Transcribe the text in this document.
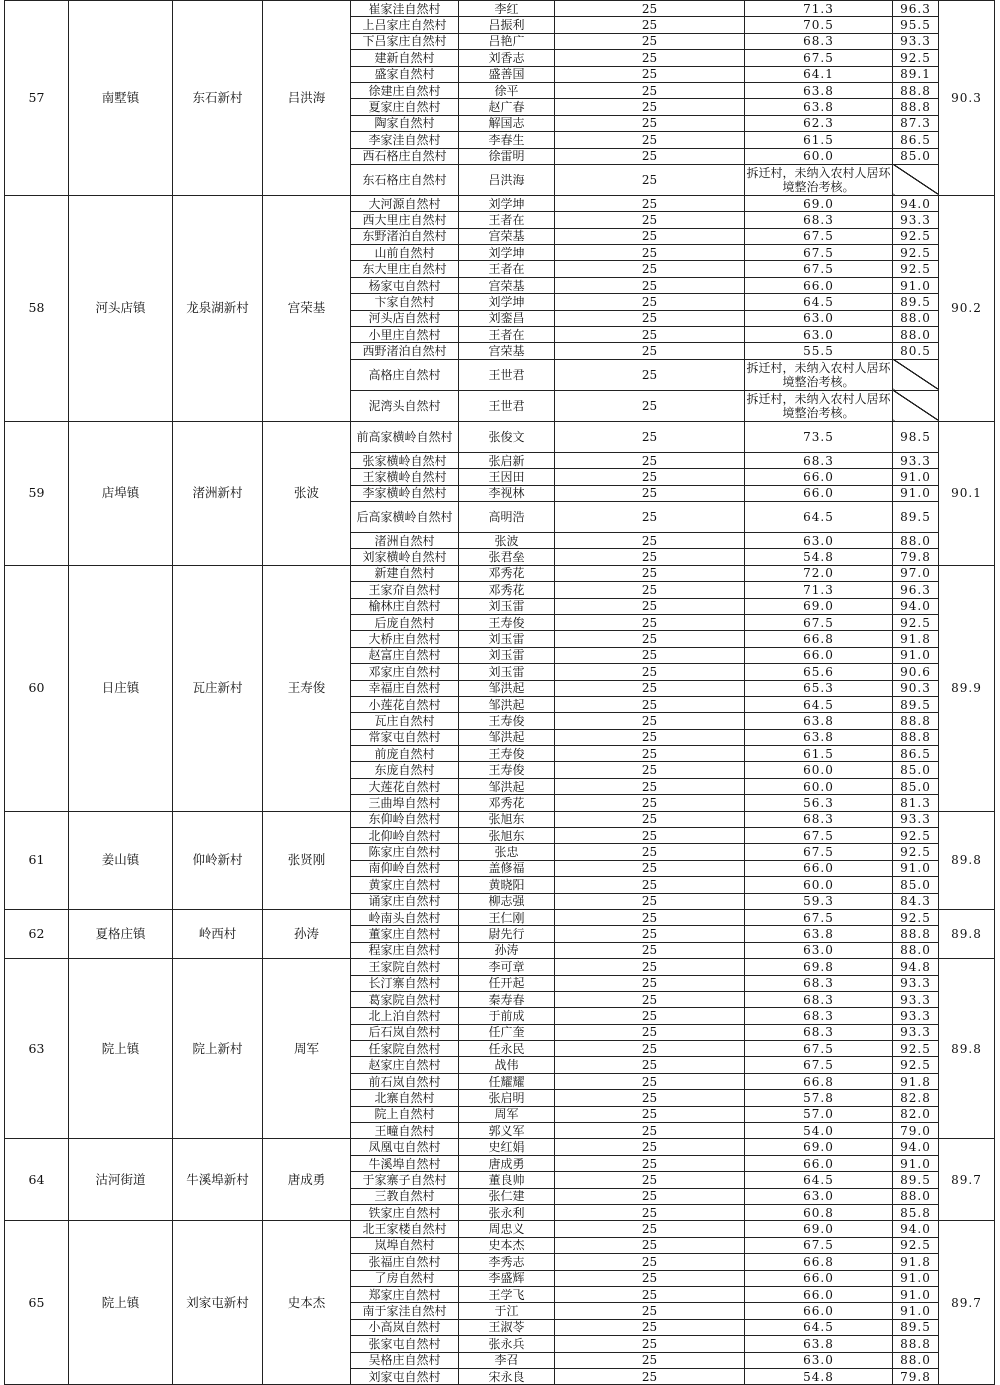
57	南墅镇	东石新村	吕洪海	崔家洼自然村	李红	25	71.3	96.3	90.3
				上吕家庄自然村	吕振利	25	70.5	95.5	
				下吕家庄自然村	吕艳广	25	68.3	93.3	
				建新自然村	刘香志	25	67.5	92.5	
				盛家自然村	盛善国	25	64.1	89.1	
				徐建庄自然村	徐平	25	63.8	88.8	
				夏家庄自然村	赵广春	25	63.8	88.8	
				陶家自然村	解国志	25	62.3	87.3	
				李家洼自然村	李春生	25	61.5	86.5	
				西石格庄自然村	徐雷明	25	60.0	85.0	
				东石格庄自然村	吕洪海	25	拆迁村，未纳入农村人居环境整治考核。		
58	河头店镇	龙泉湖新村	宫荣基	大河源自然村	刘学坤	25	69.0	94.0	90.2
				西大里庄自然村	王者在	25	68.3	93.3	
				东野渚泊自然村	宫荣基	25	67.5	92.5	
				山前自然村	刘学坤	25	67.5	92.5	
				东大里庄自然村	王者在	25	67.5	92.5	
				杨家屯自然村	宫荣基	25	66.0	91.0	
				卞家自然村	刘学坤	25	64.5	89.5	
				河头店自然村	刘銮昌	25	63.0	88.0	
				小里庄自然村	王者在	25	63.0	88.0	
				西野渚泊自然村	宫荣基	25	55.5	80.5	
				高格庄自然村	王世君	25	拆迁村，未纳入农村人居环境整治考核。		
				泥湾头自然村	王世君	25	拆迁村，未纳入农村人居环境整治考核。		
59	店埠镇	渚洲新村	张波	前高家横岭自然村	张俊文	25	73.5	98.5	90.1
				张家横岭自然村	张启新	25	68.3	93.3	
				王家横岭自然村	王因田	25	66.0	91.0	
				李家横岭自然村	李视林	25	66.0	91.0	
				后高家横岭自然村	高明浩	25	64.5	89.5	
				渚洲自然村	张波	25	63.0	88.0	
				刘家横岭自然村	张君垒	25	54.8	79.8	
60	日庄镇	瓦庄新村	王寿俊	新建自然村	邓秀花	25	72.0	97.0	89.9
				王家夼自然村	邓秀花	25	71.3	96.3	
				榆林庄自然村	刘玉雷	25	69.0	94.0	
				后庞自然村	王寿俊	25	67.5	92.5	
				大桥庄自然村	刘玉雷	25	66.8	91.8	
				赵富庄自然村	刘玉雷	25	66.0	91.0	
				邓家庄自然村	刘玉雷	25	65.6	90.6	
				幸福庄自然村	邹洪起	25	65.3	90.3	
				小莲花自然村	邹洪起	25	64.5	89.5	
				瓦庄自然村	王寿俊	25	63.8	88.8	
				常家屯自然村	邹洪起	25	63.8	88.8	
				前庞自然村	王寿俊	25	61.5	86.5	
				东庞自然村	王寿俊	25	60.0	85.0	
				大莲花自然村	邹洪起	25	60.0	85.0	
				三曲埠自然村	邓秀花	25	56.3	81.3	
61	姜山镇	仰岭新村	张贤刚	东仰岭自然村	张旭东	25	68.3	93.3	89.8
				北仰岭自然村	张旭东	25	67.5	92.5	
				陈家庄自然村	张忠	25	67.5	92.5	
				南仰岭自然村	盖修福	25	66.0	91.0	
				黄家庄自然村	黄晓阳	25	60.0	85.0	
				诵家庄自然村	柳志强	25	59.3	84.3	
62	夏格庄镇	岭西村	孙涛	岭南头自然村	王仁刚	25	67.5	92.5	89.8
				董家庄自然村	尉先行	25	63.8	88.8	
				程家庄自然村	孙涛	25	63.0	88.0	
63	院上镇	院上新村	周军	王家院自然村	李可章	25	69.8	94.8	89.8
				长汀寨自然村	任开起	25	68.3	93.3	
				葛家院自然村	秦寿春	25	68.3	93.3	
				北上泊自然村	于前成	25	68.3	93.3	
				后石岚自然村	任广奎	25	68.3	93.3	
				任家院自然村	任永民	25	67.5	92.5	
				赵家庄自然村	战伟	25	67.5	92.5	
				前石岚自然村	任耀耀	25	66.8	91.8	
				北寨自然村	张启明	25	57.8	82.8	
				院上自然村	周军	25	57.0	82.0	
				王疃自然村	郭义军	25	54.0	79.0	
64	沽河街道	牛溪埠新村	唐成勇	凤凰屯自然村	史红娟	25	69.0	94.0	89.7
				牛溪埠自然村	唐成勇	25	66.0	91.0	
				于家寨子自然村	董良帅	25	64.5	89.5	
				三教自然村	张仁建	25	63.0	88.0	
				铁家庄自然村	张永利	25	60.8	85.8	
65	院上镇	刘家屯新村	史本杰	北王家楼自然村	周忠义	25	69.0	94.0	89.7
				岚埠自然村	史本杰	25	67.5	92.5	
				张福庄自然村	李秀志	25	66.8	91.8	
				了房自然村	李盛辉	25	66.0	91.0	
				郑家庄自然村	王学飞	25	66.0	91.0	
				南于家洼自然村	于江	25	66.0	91.0	
				小高岚自然村	王淑苓	25	64.5	89.5	
				张家屯自然村	张永兵	25	63.8	88.8	
				吴格庄自然村	李召	25	63.0	88.0	
				刘家屯自然村	宋永良	25	54.8	79.8	
